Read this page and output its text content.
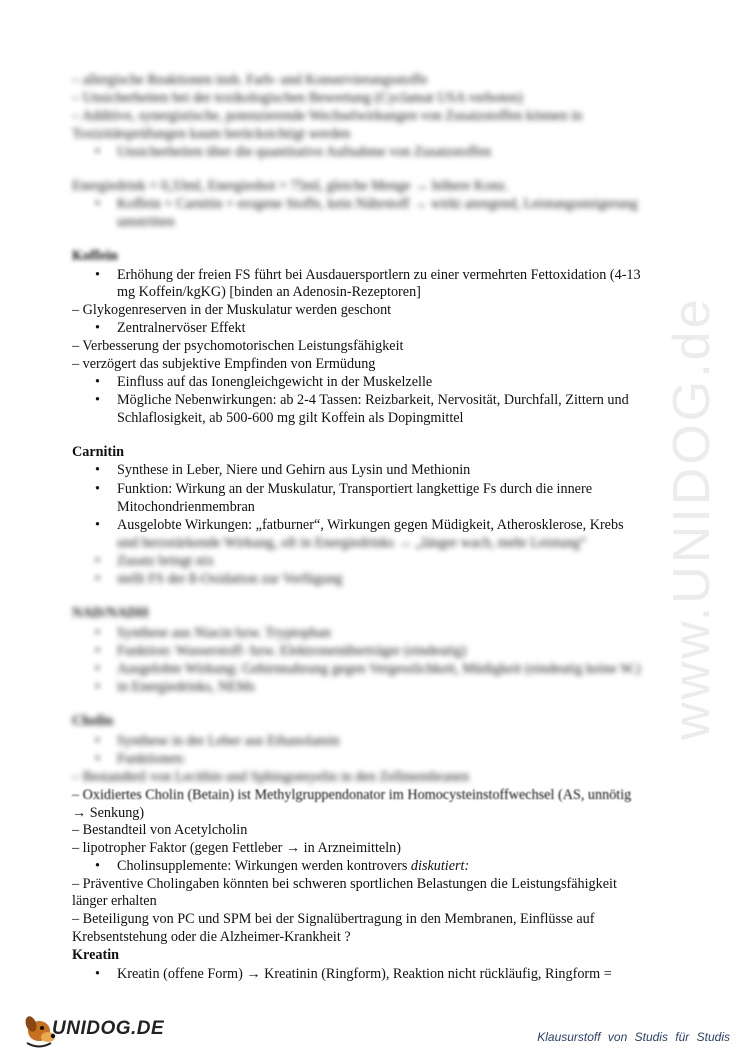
www.UNIDOG.de
– allergische Reaktionen insb. Farb- und Konservierungsstoffe
– Unsicherheiten bei der toxikologischen Bewertung (Cyclamat USA verboten)
– Additive, synergistische, potenzierende Wechselwirkungen von Zusatzstoffen können in
Toxizitätsprüfungen kaum berücksichtigt werden
• Unsicherheiten über die quantitative Aufnahme von Zusatzstoffen
Energiedrink = 0,33ml, Energieshot = 75ml, gleiche Menge → höhere Konz.
• Koffein + Carnitin + erogene Stoffe, kein Nährstoff → wirkt anregend, Leistungssteigerung
umstritten
Koffein
• Erhöhung der freien FS führt bei Ausdauersportlern zu einer vermehrten Fettoxidation (4-13
mg Koffein/kgKG) [binden an Adenosin-Rezeptoren]
– Glykogenreserven in der Muskulatur werden geschont
• Zentralnervöser Effekt
– Verbesserung der psychomotorischen Leistungsfähigkeit
– verzögert das subjektive Empfinden von Ermüdung
• Einfluss auf das Ionengleichgewicht in der Muskelzelle
• Mögliche Nebenwirkungen: ab 2-4 Tassen: Reizbarkeit, Nervosität, Durchfall, Zittern und
Schlaflosigkeit, ab 500-600 mg gilt Koffein als Dopingmittel
Carnitin
• Synthese in Leber, Niere und Gehirn aus Lysin und Methionin
• Funktion: Wirkung an der Muskulatur, Transportiert langkettige Fs durch die innere
Mitochondrienmembran
• Ausgelobte Wirkungen: „fatburner“, Wirkungen gegen Müdigkeit, Atherosklerose, Krebs
und herzstärkende Wirkung, oft in Energiedrinks → „länger wach, mehr Leistung“
• Zusatz bringt nix
• stellt FS der ß-Oxidation zur Verfügung
NAD/NADH
• Synthese aus Niacin bzw. Tryptophan
• Funktion: Wasserstoff- bzw. Elektronenüberträger (eindeutig)
• Ausgelobte Wirkung: Gehirnnahrung gegen Vergesslichkeit, Müdigkeit (eindeutig keine W.)
• in Energiedrinks, NEMs
Cholin
• Synthese in der Leber aus Ethanolamin
• Funktionen:
– Bestandteil von Lecithin und Sphingomyelin in den Zellmembranen
– Oxidiertes Cholin (Betain) ist Methylgruppendonator im Homocysteinstoffwechsel (AS, unnötig
→ Senkung)
– Bestandteil von Acetylcholin
– lipotropher Faktor (gegen Fettleber → in Arzneimitteln)
• Cholinsupplemente: Wirkungen werden kontrovers diskutiert:
– Präventive Cholingaben könnten bei schweren sportlichen Belastungen die Leistungsfähigkeit
länger erhalten
– Beteiligung von PC und SPM bei der Signalübertragung in den Membranen, Einflüsse auf
Krebsentstehung oder die Alzheimer-Krankheit ?
Kreatin
• Kreatin (offene Form) → Kreatinin (Ringform), Reaktion nicht rückläufig, Ringform =
UNIDOG.DE	Klausurstoff von Studis für Studis
